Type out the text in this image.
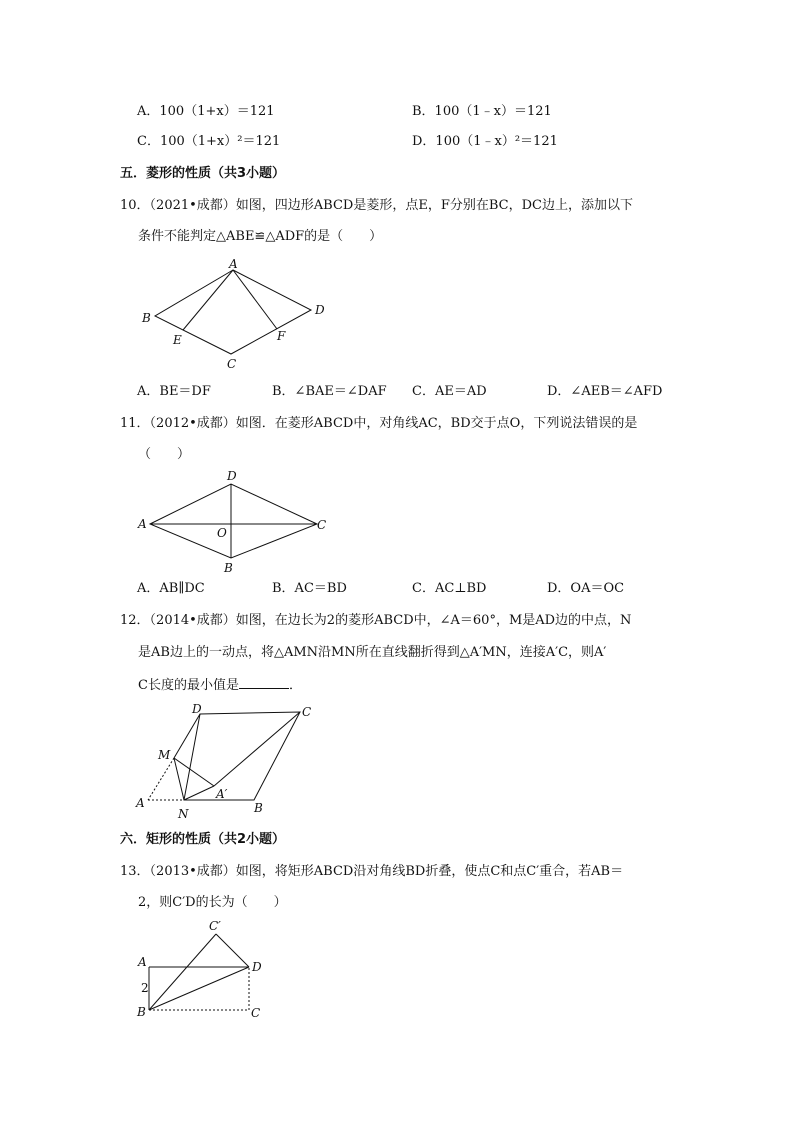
A．100（1+x）＝121	B．100（1﹣x）＝121
C．100（1+x）²＝121	D．100（1﹣x）²＝121
五．菱形的性质（共3小题）
10．（2021•成都）如图，四边形ABCD是菱形，点E，F分别在BC，DC边上，添加以下
条件不能判定△ABE≌△ADF的是（　　）
A
B
C
D
E	F
A．BE＝DF	B．∠BAE＝∠DAF C．AE＝AD	D．∠AEB＝∠AFD
11．（2012•成都）如图．在菱形ABCD中，对角线AC，BD交于点O，下列说法错误的是
（　　）
D
A	C
O
B
A．AB∥DC	B．AC＝BD	C．AC⊥BD	D．OA＝OC
12．（2014•成都）如图，在边长为2的菱形ABCD中，∠A＝60°，M是AD边的中点，N
是AB边上的一动点，将△AMN沿MN所在直线翻折得到△A′MN，连接A′C，则A′
C长度的最小值是	．
D	C
M
A′
A	B
N
六．矩形的性质（共2小题）
13．（2013•成都）如图，将矩形ABCD沿对角线BD折叠，使点C和点C′重合，若AB＝
2，则C′D的长为（　　）
C′
A	D
2
B	C
